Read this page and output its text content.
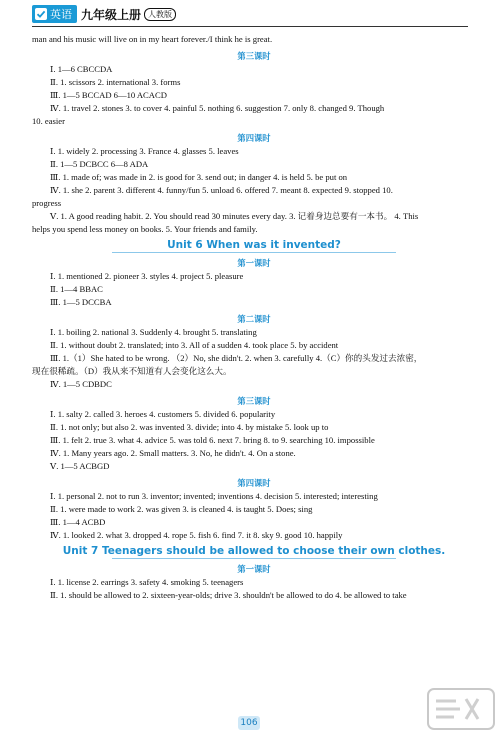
英语 九年级上册 人教版
man and his music will live on in my heart forever./I think he is great.
第三课时
Ⅰ. 1—6 CBCCDA
Ⅱ. 1. scissors 2. international 3. forms
Ⅲ. 1—5 BCCAD 6—10 ACACD
Ⅳ. 1. travel 2. stones 3. to cover 4. painful 5. nothing 6. suggestion 7. only 8. changed 9. Though
10. easier
第四课时
Ⅰ. 1. widely 2. processing 3. France 4. glasses 5. leaves
Ⅱ. 1—5 DCBCC 6—8 ADA
Ⅲ. 1. made of; was made in 2. is good for 3. send out; in danger 4. is held 5. be put on
Ⅳ. 1. she 2. parent 3. different 4. funny/fun 5. unload 6. offered 7. meant 8. expected 9. stopped 10.
progress
Ⅴ. 1. A good reading habit. 2. You should read 30 minutes every day. 3. 记着身边总要有一本书。 4. This
helps you spend less money on books. 5. Your friends and family.
Unit 6 When was it invented?
第一课时
Ⅰ. 1. mentioned 2. pioneer 3. styles 4. project 5. pleasure
Ⅱ. 1—4 BBAC
Ⅲ. 1—5 DCCBA
第二课时
Ⅰ. 1. boiling 2. national 3. Suddenly 4. brought 5. translating
Ⅱ. 1. without doubt 2. translated; into 3. All of a sudden 4. took place 5. by accident
Ⅲ. 1.（1）She hated to be wrong. （2）No, she didn't. 2. when 3. carefully 4.（C）你的头发过去浓密，
现在很稀疏。（D）我从来不知道有人会变化这么大。
Ⅳ. 1—5 CDBDC
第三课时
Ⅰ. 1. salty 2. called 3. heroes 4. customers 5. divided 6. popularity
Ⅱ. 1. not only; but also 2. was invented 3. divide; into 4. by mistake 5. look up to
Ⅲ. 1. felt 2. true 3. what 4. advice 5. was told 6. next 7. bring 8. to 9. searching 10. impossible
Ⅳ. 1. Many years ago. 2. Small matters. 3. No, he didn't. 4. On a stone.
Ⅴ. 1—5 ACBGD
第四课时
Ⅰ. 1. personal 2. not to run 3. inventor; invented; inventions 4. decision 5. interested; interesting
Ⅱ. 1. were made to work 2. was given 3. is cleaned 4. is taught 5. Does; sing
Ⅲ. 1—4 ACBD
Ⅳ. 1. looked 2. what 3. dropped 4. rope 5. fish 6. find 7. it 8. sky 9. good 10. happily
Unit 7 Teenagers should be allowed to choose their own clothes.
第一课时
Ⅰ. 1. license 2. earrings 3. safety 4. smoking 5. teenagers
Ⅱ. 1. should be allowed to 2. sixteen-year-olds; drive 3. shouldn't be allowed to do 4. be allowed to take
106
